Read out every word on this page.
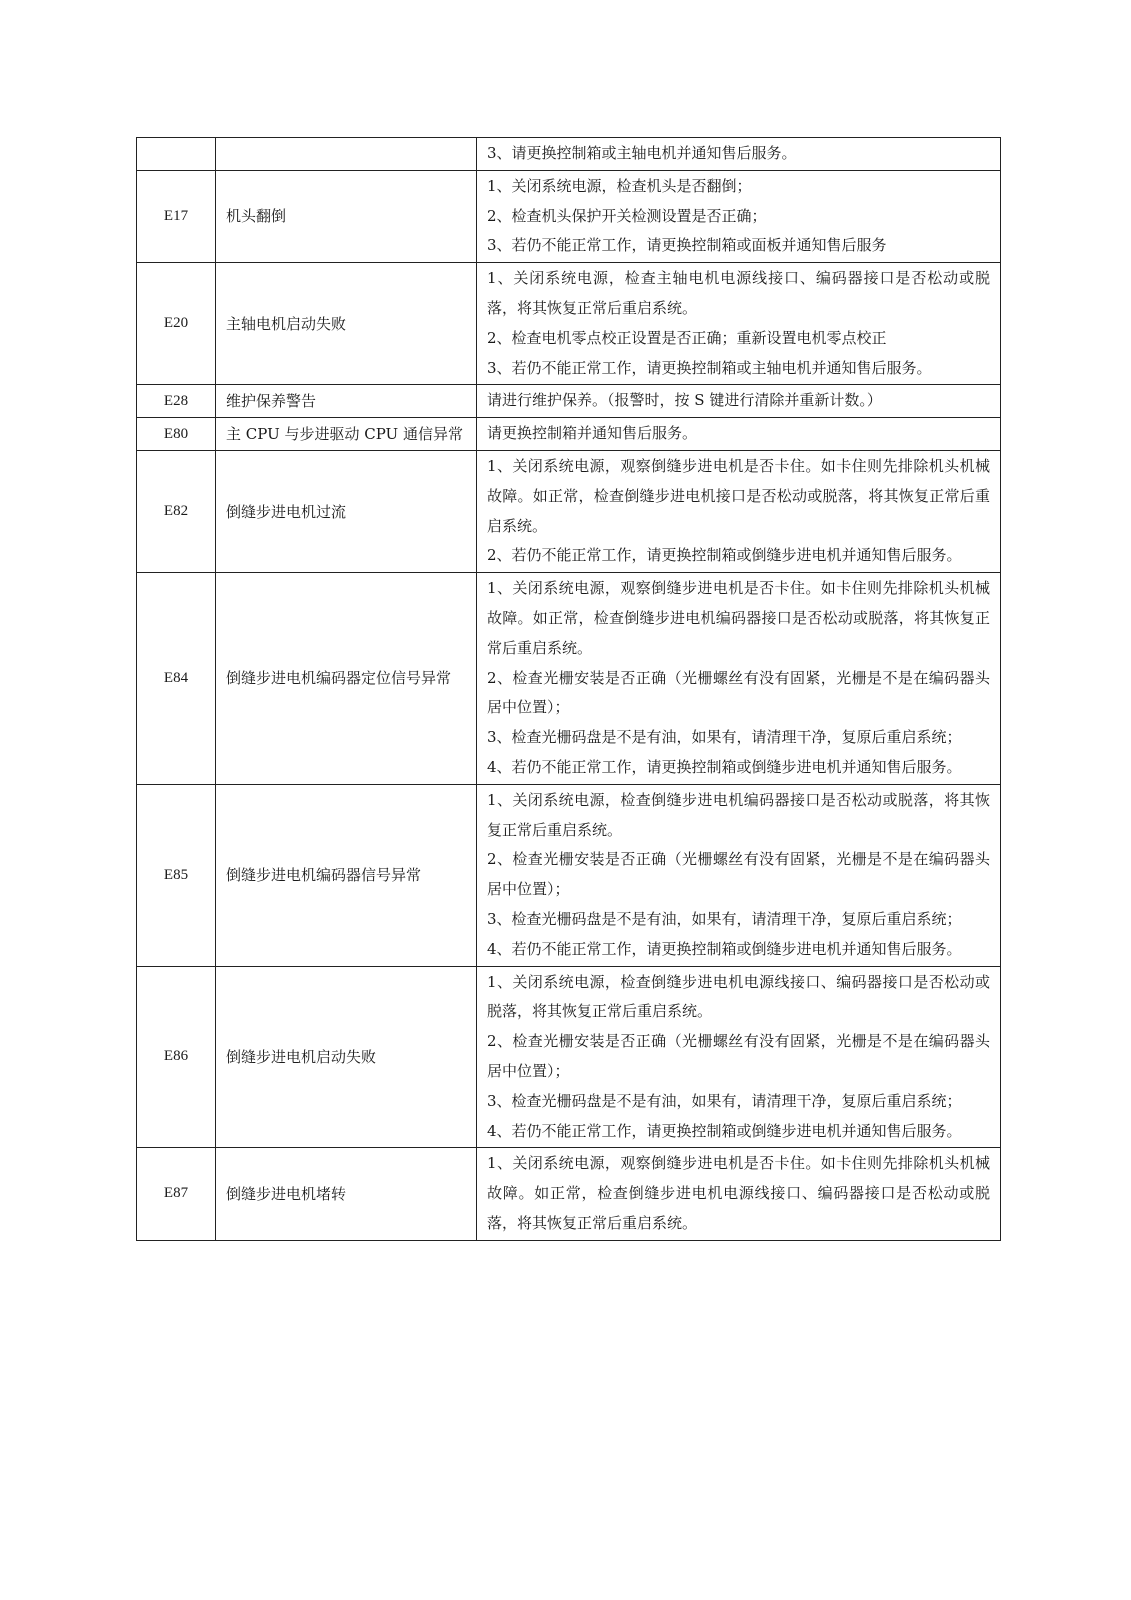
		3、请更换控制箱或主轴电机并通知售后服务。

E17	机头翻倒	1、关闭系统电源，检查机头是否翻倒；

2、检查机头保护开关检测设置是否正确；

3、若仍不能正常工作，请更换控制箱或面板并通知售后服务

E20	主轴电机启动失败	1、关闭系统电源，检查主轴电机电源线接口、编码器接口是否松动或脱落，将其恢复正常后重启系统。

2、检查电机零点校正设置是否正确；重新设置电机零点校正

3、若仍不能正常工作，请更换控制箱或主轴电机并通知售后服务。

E28	维护保养警告	请进行维护保养。（报警时，按 S 键进行清除并重新计数。）

E80	主 CPU 与步进驱动 CPU 通信异常	请更换控制箱并通知售后服务。

E82	倒缝步进电机过流	1、关闭系统电源，观察倒缝步进电机是否卡住。如卡住则先排除机头机械故障。如正常，检查倒缝步进电机接口是否松动或脱落，将其恢复正常后重启系统。

2、若仍不能正常工作，请更换控制箱或倒缝步进电机并通知售后服务。

E84	倒缝步进电机编码器定位信号异常	1、关闭系统电源，观察倒缝步进电机是否卡住。如卡住则先排除机头机械故障。如正常，检查倒缝步进电机编码器接口是否松动或脱落，将其恢复正常后重启系统。

2、检查光栅安装是否正确（光栅螺丝有没有固紧，光栅是不是在编码器头居中位置）；

3、检查光栅码盘是不是有油，如果有，请清理干净，复原后重启系统；

4、若仍不能正常工作，请更换控制箱或倒缝步进电机并通知售后服务。

E85	倒缝步进电机编码器信号异常	1、关闭系统电源，检查倒缝步进电机编码器接口是否松动或脱落，将其恢复正常后重启系统。

2、检查光栅安装是否正确（光栅螺丝有没有固紧，光栅是不是在编码器头居中位置）；

3、检查光栅码盘是不是有油，如果有，请清理干净，复原后重启系统；

4、若仍不能正常工作，请更换控制箱或倒缝步进电机并通知售后服务。

E86	倒缝步进电机启动失败	1、关闭系统电源，检查倒缝步进电机电源线接口、编码器接口是否松动或脱落，将其恢复正常后重启系统。

2、检查光栅安装是否正确（光栅螺丝有没有固紧，光栅是不是在编码器头居中位置）；

3、检查光栅码盘是不是有油，如果有，请清理干净，复原后重启系统；

4、若仍不能正常工作，请更换控制箱或倒缝步进电机并通知售后服务。

E87	倒缝步进电机堵转	1、关闭系统电源，观察倒缝步进电机是否卡住。如卡住则先排除机头机械故障。如正常，检查倒缝步进电机电源线接口、编码器接口是否松动或脱落，将其恢复正常后重启系统。
